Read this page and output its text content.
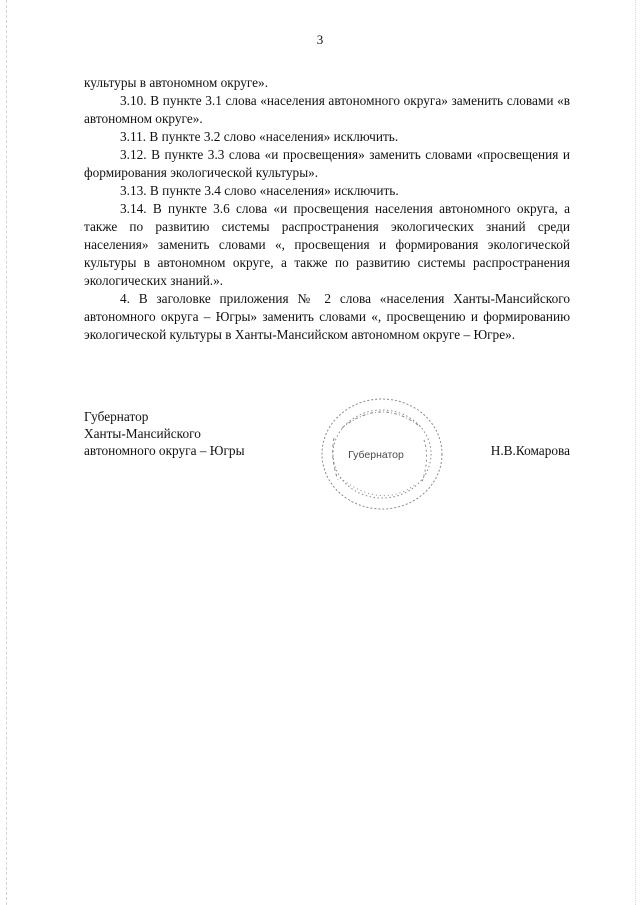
3

культуры в автономном округе».

3.10. В пункте 3.1 слова «населения автономного округа» заменить словами «в автономном округе».

3.11. В пункте 3.2 слово «населения» исключить.

3.12. В пункте 3.3 слова «и просвещения» заменить словами «просвещения и формирования экологической культуры».

3.13. В пункте 3.4 слово «населения» исключить.

3.14. В пункте 3.6 слова «и просвещения населения автономного округа, а также по развитию системы распространения экологических знаний среди населения» заменить словами «, просвещения и формирования экологической культуры в автономном округе, а также по развитию системы распространения экологических знаний.».

4. В заголовке приложения № 2 слова «населения Ханты-Мансийского автономного округа – Югры» заменить словами «, просвещению и формированию экологической культуры в Ханты-Мансийском автономном округе – Югре».

Губернатор
Ханты-Мансийского
автономного округа – Югры	Губернатор	Н.В.Комарова
